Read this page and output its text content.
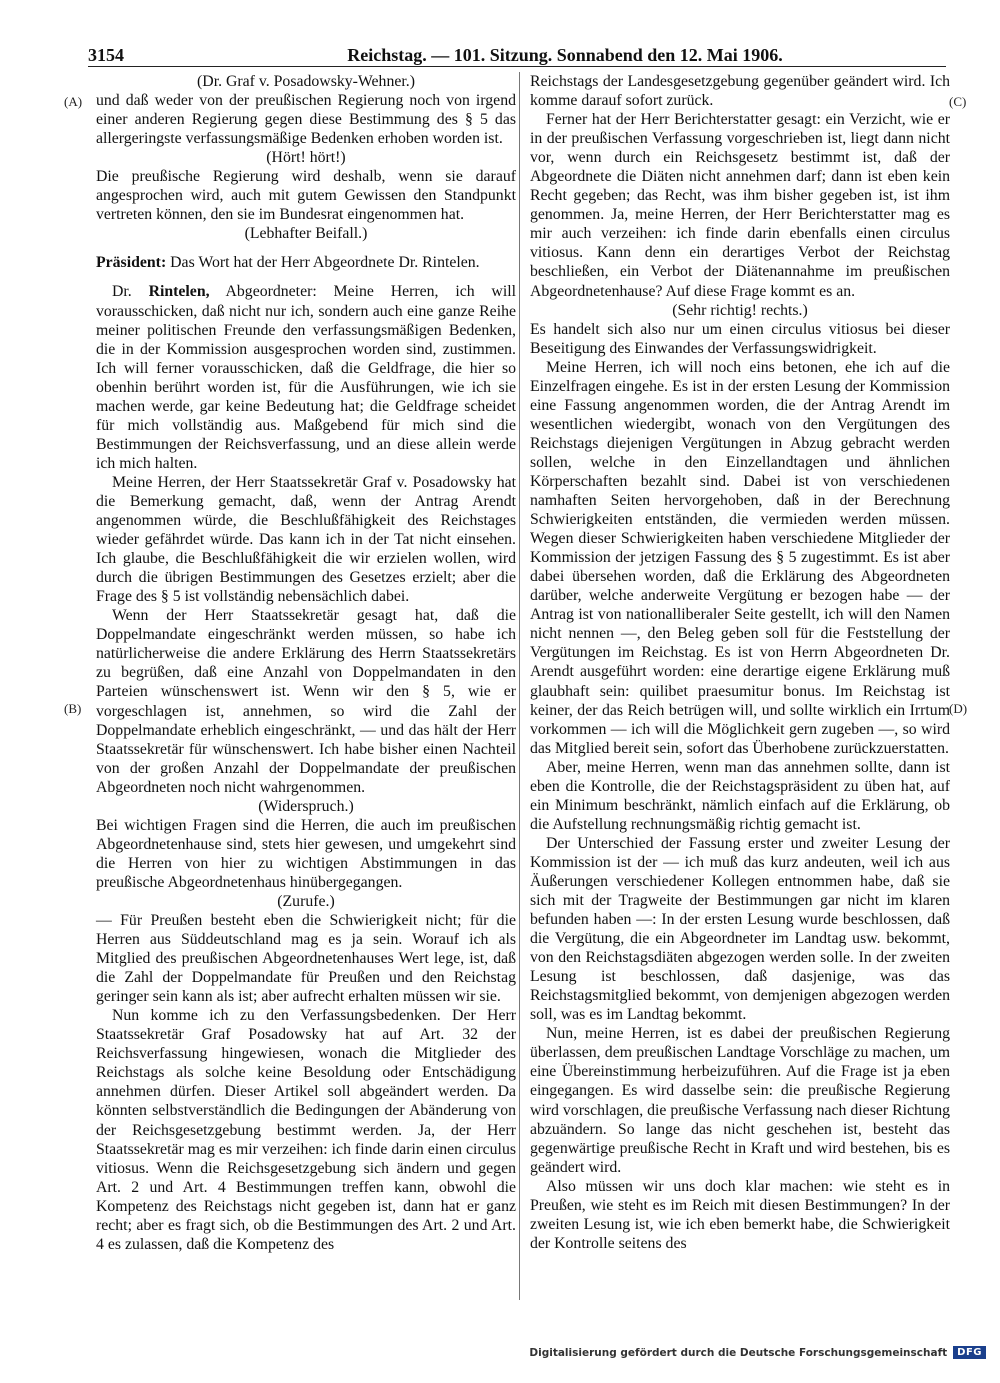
3154	Reichstag. — 101. Sitzung. Sonnabend den 12. Mai 1906.
(A)
(B)
(C)
(D)

(Dr. Graf v. Posadowsky-Wehner.)

und daß weder von der preußischen Regierung noch von irgend einer anderen Regierung gegen diese Bestimmung des § 5 das allergeringste verfassungsmäßige Bedenken erhoben worden ist.

(Hört! hört!)

Die preußische Regierung wird deshalb, wenn sie darauf angesprochen wird, auch mit gutem Gewissen den Standpunkt vertreten können, den sie im Bundesrat eingenommen hat.

(Lebhafter Beifall.)

Präsident: Das Wort hat der Herr Abgeordnete Dr. Rintelen.

Dr. Rintelen, Abgeordneter: Meine Herren, ich will vorausschicken, daß nicht nur ich, sondern auch eine ganze Reihe meiner politischen Freunde den verfassungsmäßigen Bedenken, die in der Kommission ausgesprochen worden sind, zustimmen. Ich will ferner vorausschicken, daß die Geldfrage, die hier so obenhin berührt worden ist, für die Ausführungen, wie ich sie machen werde, gar keine Bedeutung hat; die Geldfrage scheidet für mich vollständig aus. Maßgebend für mich sind die Bestimmungen der Reichsverfassung, und an diese allein werde ich mich halten.

Meine Herren, der Herr Staatssekretär Graf v. Posadowsky hat die Bemerkung gemacht, daß, wenn der Antrag Arendt angenommen würde, die Beschlußfähigkeit des Reichstages wieder gefährdet würde. Das kann ich in der Tat nicht einsehen. Ich glaube, die Beschlußfähigkeit die wir erzielen wollen, wird durch die übrigen Bestimmungen des Gesetzes erzielt; aber die Frage des § 5 ist vollständig nebensächlich dabei.

Wenn der Herr Staatssekretär gesagt hat, daß die Doppelmandate eingeschränkt werden müssen, so habe ich natürlicherweise die andere Erklärung des Herrn Staatssekretärs zu begrüßen, daß eine Anzahl von Doppelmandaten in den Parteien wünschenswert ist. Wenn wir den § 5, wie er vorgeschlagen ist, annehmen, so wird die Zahl der Doppelmandate erheblich eingeschränkt, — und das hält der Herr Staatssekretär für wünschenswert. Ich habe bisher einen Nachteil von der großen Anzahl der Doppelmandate der preußischen Abgeordneten noch nicht wahrgenommen.

(Widerspruch.)

Bei wichtigen Fragen sind die Herren, die auch im preußischen Abgeordnetenhause sind, stets hier gewesen, und umgekehrt sind die Herren von hier zu wichtigen Abstimmungen in das preußische Abgeordnetenhaus hinübergegangen.

(Zurufe.)

— Für Preußen besteht eben die Schwierigkeit nicht; für die Herren aus Süddeutschland mag es ja sein. Worauf ich als Mitglied des preußischen Abgeordnetenhauses Wert lege, ist, daß die Zahl der Doppelmandate für Preußen und den Reichstag geringer sein kann als ist; aber aufrecht erhalten müssen wir sie.

Nun komme ich zu den Verfassungsbedenken. Der Herr Staatssekretär Graf Posadowsky hat auf Art. 32 der Reichsverfassung hingewiesen, wonach die Mitglieder des Reichstags als solche keine Besoldung oder Entschädigung annehmen dürfen. Dieser Artikel soll abgeändert werden. Da könnten selbstverständlich die Bedingungen der Abänderung von der Reichsgesetzgebung bestimmt werden. Ja, der Herr Staatssekretär mag es mir verzeihen: ich finde darin einen circulus vitiosus. Wenn die Reichsgesetzgebung sich ändern und gegen Art. 2 und Art. 4 Bestimmungen treffen kann, obwohl die Kompetenz des Reichstags nicht gegeben ist, dann hat er ganz recht; aber es fragt sich, ob die Bestimmungen des Art. 2 und Art. 4 es zulassen, daß die Kompetenz des

Reichstags der Landesgesetzgebung gegenüber geändert wird. Ich komme darauf sofort zurück.

Ferner hat der Herr Berichterstatter gesagt: ein Verzicht, wie er in der preußischen Verfassung vorgeschrieben ist, liegt dann nicht vor, wenn durch ein Reichsgesetz bestimmt ist, daß der Abgeordnete die Diäten nicht annehmen darf; dann ist eben kein Recht gegeben; das Recht, was ihm bisher gegeben ist, ist ihm genommen. Ja, meine Herren, der Herr Berichterstatter mag es mir auch verzeihen: ich finde darin ebenfalls einen circulus vitiosus. Kann denn ein derartiges Verbot der Reichstag beschließen, ein Verbot der Diätenannahme im preußischen Abgeordnetenhause? Auf diese Frage kommt es an.

(Sehr richtig! rechts.)

Es handelt sich also nur um einen circulus vitiosus bei dieser Beseitigung des Einwandes der Verfassungswidrigkeit.

Meine Herren, ich will noch eins betonen, ehe ich auf die Einzelfragen eingehe. Es ist in der ersten Lesung der Kommission eine Fassung angenommen worden, die der Antrag Arendt im wesentlichen wiedergibt, wonach von den Vergütungen des Reichstags diejenigen Vergütungen in Abzug gebracht werden sollen, welche in den Einzellandtagen und ähnlichen Körperschaften bezahlt sind. Dabei ist von verschiedenen namhaften Seiten hervorgehoben, daß in der Berechnung Schwierigkeiten entständen, die vermieden werden müssen. Wegen dieser Schwierigkeiten haben verschiedene Mitglieder der Kommission der jetzigen Fassung des § 5 zugestimmt. Es ist aber dabei übersehen worden, daß die Erklärung des Abgeordneten darüber, welche anderweite Vergütung er bezogen habe — der Antrag ist von nationalliberaler Seite gestellt, ich will den Namen nicht nennen —, den Beleg geben soll für die Feststellung der Vergütungen im Reichstag. Es ist von Herrn Abgeordneten Dr. Arendt ausgeführt worden: eine derartige eigene Erklärung muß glaubhaft sein: quilibet praesumitur bonus. Im Reichstag ist keiner, der das Reich betrügen will, und sollte wirklich ein Irrtum vorkommen — ich will die Möglichkeit gern zugeben —, so wird das Mitglied bereit sein, sofort das Überhobene zurückzuerstatten.

Aber, meine Herren, wenn man das annehmen sollte, dann ist eben die Kontrolle, die der Reichstagspräsident zu üben hat, auf ein Minimum beschränkt, nämlich einfach auf die Erklärung, ob die Aufstellung rechnungsmäßig richtig gemacht ist.

Der Unterschied der Fassung erster und zweiter Lesung der Kommission ist der — ich muß das kurz andeuten, weil ich aus Äußerungen verschiedener Kollegen entnommen habe, daß sie sich mit der Tragweite der Bestimmungen gar nicht im klaren befunden haben —: In der ersten Lesung wurde beschlossen, daß die Vergütung, die ein Abgeordneter im Landtag usw. bekommt, von den Reichstagsdiäten abgezogen werden solle. In der zweiten Lesung ist beschlossen, daß dasjenige, was das Reichstagsmitglied bekommt, von demjenigen abgezogen werden soll, was es im Landtag bekommt.

Nun, meine Herren, ist es dabei der preußischen Regierung überlassen, dem preußischen Landtage Vorschläge zu machen, um eine Übereinstimmung herbeizuführen. Auf die Frage ist ja eben eingegangen. Es wird dasselbe sein: die preußische Regierung wird vorschlagen, die preußische Verfassung nach dieser Richtung abzuändern. So lange das nicht geschehen ist, besteht das gegenwärtige preußische Recht in Kraft und wird bestehen, bis es geändert wird.

Also müssen wir uns doch klar machen: wie steht es in Preußen, wie steht es im Reich mit diesen Bestimmungen? In der zweiten Lesung ist, wie ich eben bemerkt habe, die Schwierigkeit der Kontrolle seitens des

Digitalisierung gefördert durch die Deutsche Forschungsgemeinschaft	DFG
